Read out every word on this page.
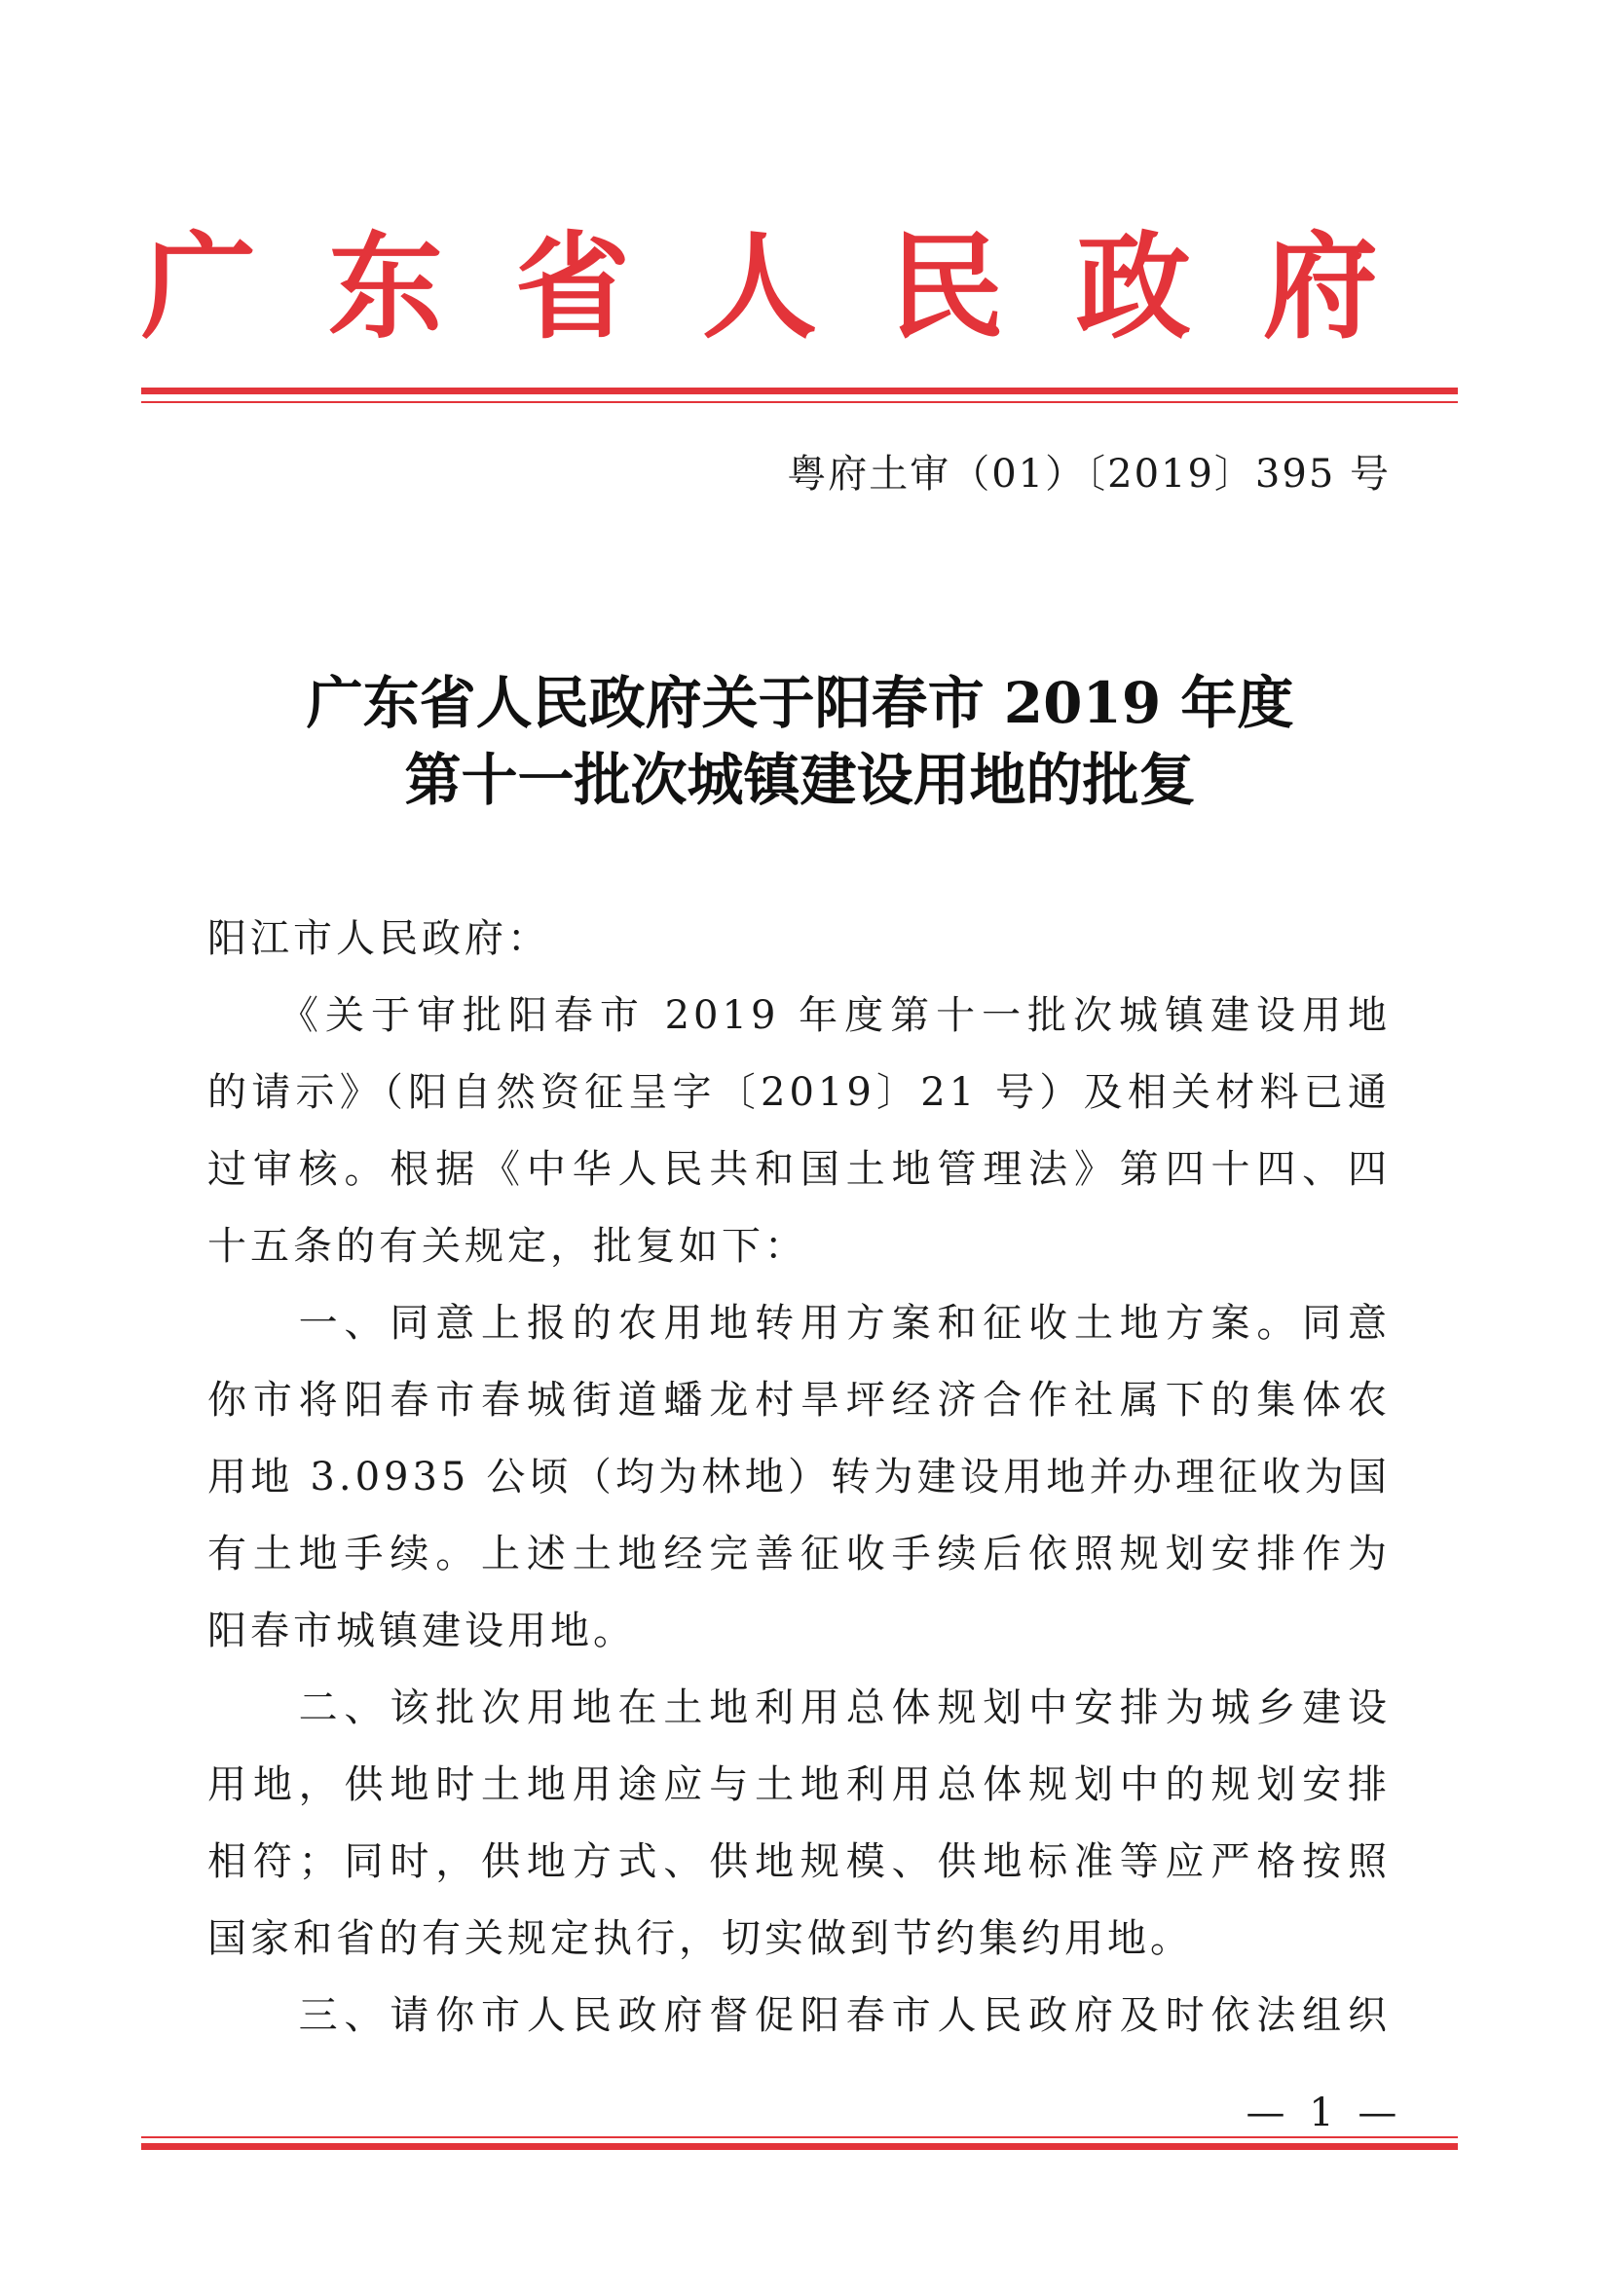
广 东 省 人 民 政 府
粤府土审（01）〔2019〕395 号
广东省人民政府关于阳春市 2019 年度
第十一批次城镇建设用地的批复
阳江市人民政府：
　　《关于审批阳春市 2019 年度第十一批次城镇建设用地
的请示》（阳自然资征呈字〔2019〕21 号）及相关材料已通
过审核。根据《中华人民共和国土地管理法》第四十四、四
十五条的有关规定，批复如下：
　　一、同意上报的农用地转用方案和征收土地方案。同意
你市将阳春市春城街道蟠龙村旱坪经济合作社属下的集体农
用地 3.0935 公顷（均为林地）转为建设用地并办理征收为国
有土地手续。上述土地经完善征收手续后依照规划安排作为
阳春市城镇建设用地。
　　二、该批次用地在土地利用总体规划中安排为城乡建设
用地，供地时土地用途应与土地利用总体规划中的规划安排
相符；同时，供地方式、供地规模、供地标准等应严格按照
国家和省的有关规定执行，切实做到节约集约用地。
　　三、请你市人民政府督促阳春市人民政府及时依法组织
— 1 —
